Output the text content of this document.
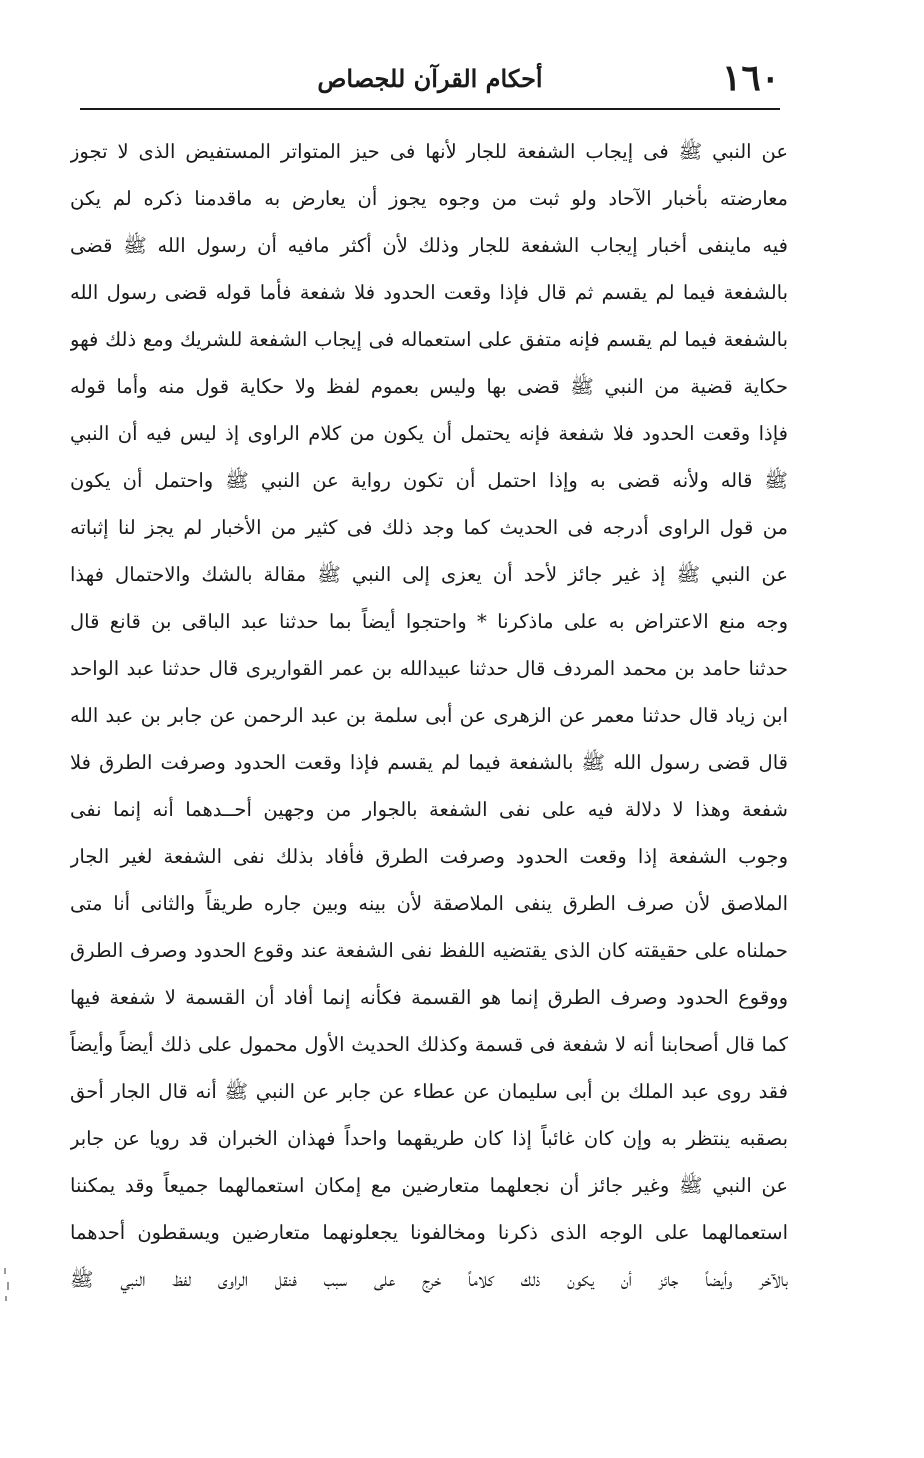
١٦٠
أحكام القرآن للجصاص
عن النبي ﷺ فى إيجاب الشفعة للجار لأنها فى حيز المتواتر المستفيض الذى لا تجوز
معارضته بأخبار الآحاد ولو ثبت من وجوه يجوز أن يعارض به ماقدمنا ذكره لم يكن
فيه ماينفى أخبار إيجاب الشفعة للجار وذلك لأن أكثر مافيه أن رسول الله ﷺ قضى
بالشفعة فيما لم يقسم ثم قال فإذا وقعت الحدود فلا شفعة فأما قوله قضى رسول الله
بالشفعة فيما لم يقسم فإنه متفق على استعماله فى إيجاب الشفعة للشريك ومع ذلك فهو
حكاية قضية من النبي ﷺ قضى بها وليس بعموم لفظ ولا حكاية قول منه وأما قوله
فإذا وقعت الحدود فلا شفعة فإنه يحتمل أن يكون من كلام الراوى إذ ليس فيه أن النبي
ﷺ قاله ولأنه قضى به وإذا احتمل أن تكون رواية عن النبي ﷺ واحتمل أن يكون
من قول الراوى أدرجه فى الحديث كما وجد ذلك فى كثير من الأخبار لم يجز لنا إثباته
عن النبي ﷺ إذ غير جائز لأحد أن يعزى إلى النبي ﷺ مقالة بالشك والاحتمال فهذا
وجه منع الاعتراض به على ماذكرنا * واحتجوا أيضاً بما حدثنا عبد الباقى بن قانع قال
حدثنا حامد بن محمد المردف قال حدثنا عبيدالله بن عمر القواريرى قال حدثنا عبد الواحد
ابن زياد قال حدثنا معمر عن الزهرى عن أبى سلمة بن عبد الرحمن عن جابر بن عبد الله
قال قضى رسول الله ﷺ بالشفعة فيما لم يقسم فإذا وقعت الحدود وصرفت الطرق فلا
شفعة وهذا لا دلالة فيه على نفى الشفعة بالجوار من وجهين أحــدهما أنه إنما نفى
وجوب الشفعة إذا وقعت الحدود وصرفت الطرق فأفاد بذلك نفى الشفعة لغير الجار
الملاصق لأن صرف الطرق ينفى الملاصقة لأن بينه وبين جاره طريقاً والثانى أنا متى
حملناه على حقيقته كان الذى يقتضيه اللفظ نفى الشفعة عند وقوع الحدود وصرف الطرق
ووقوع الحدود وصرف الطرق إنما هو القسمة فكأنه إنما أفاد أن القسمة لا شفعة فيها
كما قال أصحابنا أنه لا شفعة فى قسمة وكذلك الحديث الأول محمول على ذلك أيضاً وأيضاً
فقد روى عبد الملك بن أبى سليمان عن عطاء عن جابر عن النبي ﷺ أنه قال الجار أحق
بصقبه ينتظر به وإن كان غائباً إذا كان طريقهما واحداً فهذان الخبران قد رويا عن جابر
عن النبي ﷺ وغير جائز أن نجعلهما متعارضين مع إمكان استعمالهما جميعاً وقد يمكننا
استعمالهما على الوجه الذى ذكرنا ومخالفونا يجعلونهما متعارضين ويسقطون أحدهما
بالآخر وأيضاً جائز أن يكون ذلك كلاماً خرج على سبب فنقل الراوى لفظ النبي ﷺ
